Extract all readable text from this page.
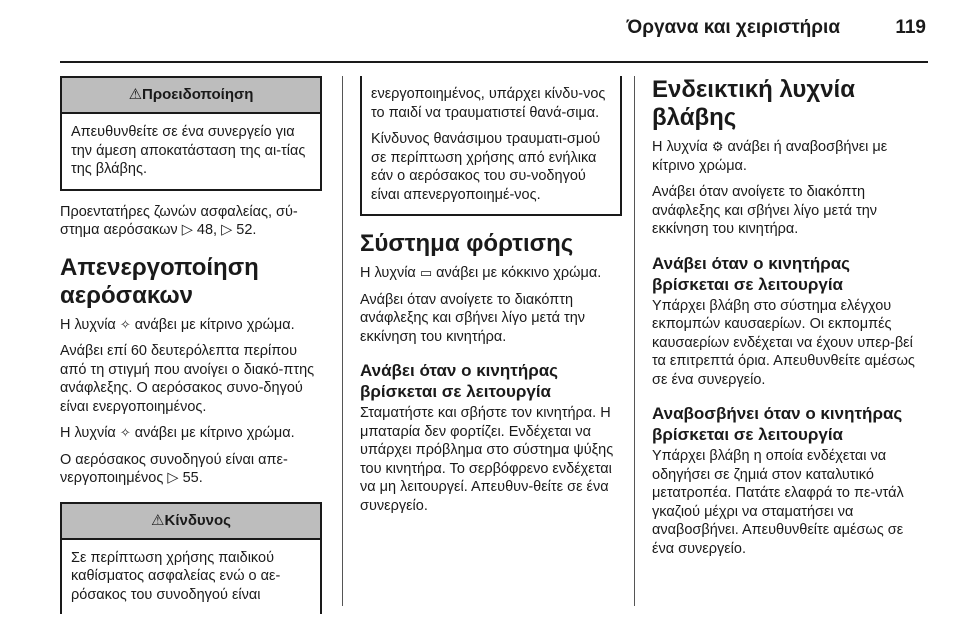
Όργανα και χειριστήρια	119
⚠Προειδοποίηση

Απευθυνθείτε σε ένα συνεργείο για την άμεση αποκατάσταση της αι-τίας της βλάβης.

Προεντατήρες ζωνών ασφαλείας, σύ-στημα αερόσακων ▷ 48, ▷ 52.

Απενεργοποίηση αερόσακων

Η λυχνία ✧ ανάβει με κίτρινο χρώμα.

Ανάβει επί 60 δευτερόλεπτα περίπου από τη στιγμή που ανοίγει ο διακό-πτης ανάφλεξης. Ο αερόσακος συνο-δηγού είναι ενεργοποιημένος.

Η λυχνία ✧ ανάβει με κίτρινο χρώμα.

Ο αερόσακος συνοδηγού είναι απε-νεργοποιημένος ▷ 55.

⚠Κίνδυνος

Σε περίπτωση χρήσης παιδικού καθίσματος ασφαλείας ενώ ο αε-ρόσακος του συνοδηγού είναι

ενεργοποιημένος, υπάρχει κίνδυ-νος το παιδί να τραυματιστεί θανά-σιμα.

Κίνδυνος θανάσιμου τραυματι-σμού σε περίπτωση χρήσης από ενήλικα εάν ο αερόσακος του συ-νοδηγού είναι απενεργοποιημέ-νος.

Σύστημα φόρτισης

Η λυχνία ▭ ανάβει με κόκκινο χρώμα.

Ανάβει όταν ανοίγετε το διακόπτη ανάφλεξης και σβήνει λίγο μετά την εκκίνηση του κινητήρα.

Ανάβει όταν ο κινητήρας βρίσκεται σε λειτουργία

Σταματήστε και σβήστε τον κινητήρα. Η μπαταρία δεν φορτίζει. Ενδέχεται να υπάρχει πρόβλημα στο σύστημα ψύξης του κινητήρα. Το σερβόφρενο ενδέχεται να μη λειτουργεί. Απευθυν-θείτε σε ένα συνεργείο.

Ενδεικτική λυχνία βλάβης

Η λυχνία ⚙ ανάβει ή αναβοσβήνει με κίτρινο χρώμα.

Ανάβει όταν ανοίγετε το διακόπτη ανάφλεξης και σβήνει λίγο μετά την εκκίνηση του κινητήρα.

Ανάβει όταν ο κινητήρας βρίσκεται σε λειτουργία

Υπάρχει βλάβη στο σύστημα ελέγχου εκπομπών καυσαερίων. Οι εκπομπές καυσαερίων ενδέχεται να έχουν υπερ-βεί τα επιτρεπτά όρια. Απευθυνθείτε αμέσως σε ένα συνεργείο.

Αναβοσβήνει όταν ο κινητήρας βρίσκεται σε λειτουργία

Υπάρχει βλάβη η οποία ενδέχεται να οδηγήσει σε ζημιά στον καταλυτικό μετατροπέα. Πατάτε ελαφρά το πε-ντάλ γκαζιού μέχρι να σταματήσει να αναβοσβήνει. Απευθυνθείτε αμέσως σε ένα συνεργείο.
